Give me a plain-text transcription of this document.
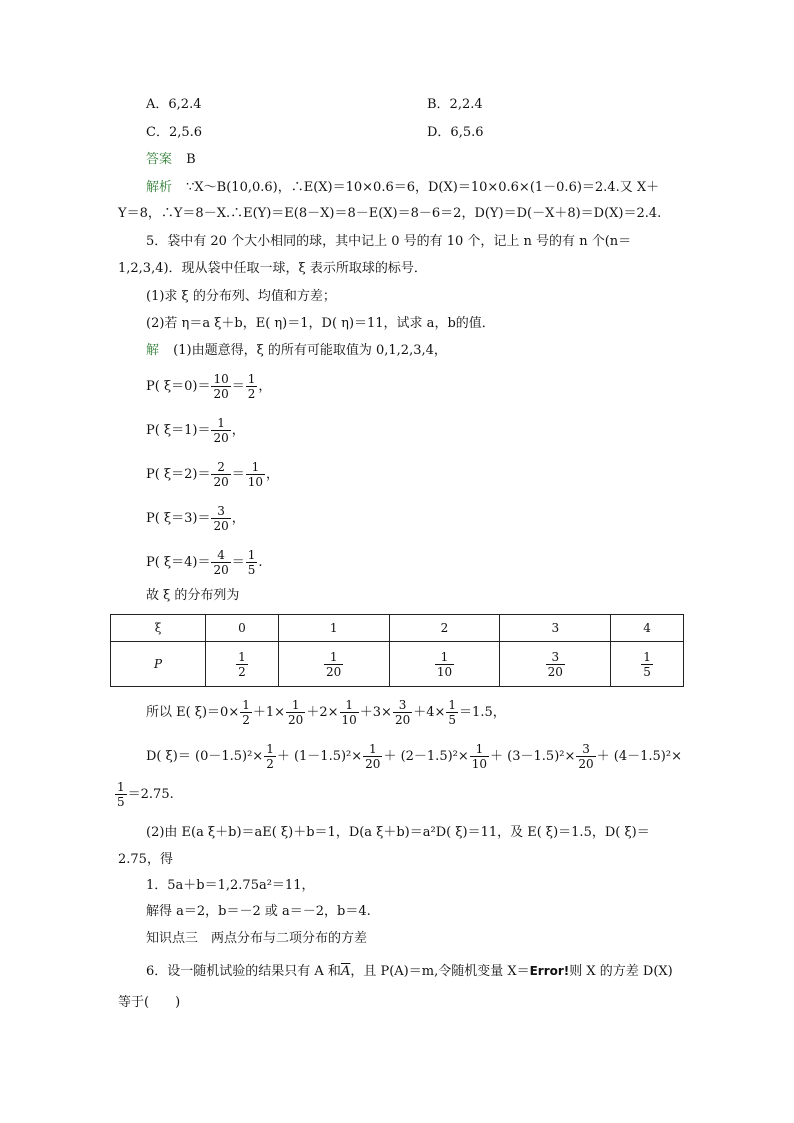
A．6,2.4	B．2,2.4
C．2,5.6	D．6,5.6
答案 B
解析 ∵X～B(10,0.6)，∴E(X)＝10×0.6＝6，D(X)＝10×0.6×(1－0.6)＝2.4.又 X＋
Y＝8，∴Y＝8－X.∴E(Y)＝E(8－X)＝8－E(X)＝8－6＝2，D(Y)＝D(－X＋8)＝D(X)＝2.4.
5．袋中有 20 个大小相同的球，其中记上 0 号的有 10 个，记上 n 号的有 n 个(n＝
1,2,3,4)．现从袋中任取一球，ξ 表示所取球的标号．
(1)求 ξ 的分布列、均值和方差；
(2)若 η＝a ξ＋b，E( η)＝1，D( η)＝11，试求 a，b的值．
解 (1)由题意得，ξ 的所有可能取值为 0,1,2,3,4，
P( $\xi=0)= \frac{10}{20} = \frac{1}{2}$ ，
P( $\xi=1)= \frac{1}{20}$ ，
P( $\xi=2)= \frac{2}{20} = \frac{1}{10}$ ，
P( $\xi=3)= \frac{3}{20}$ ，
P( $\xi=4)= \frac{4}{20} = \frac{1}{5}$ .
故 ξ 的分布列为
ξ	0	1	2	3	4
P	$\frac{1}{2}$	$\frac{1}{20}$	$\frac{1}{10}$	$\frac{3}{20}$	$\frac{1}{5}$
所以 E( $\xi)=0\times \frac{1}{2} +1\times \frac{1}{20} +2\times \frac{1}{10} +3\times \frac{3}{20} +4\times \frac{1}{5} =1.5$，
D( $\xi)= (0-1.5)^2\times \frac{1}{2} + (1-1.5)^2\times \frac{1}{20} + (2-1.5)^2\times \frac{1}{10} + (3-1.5)^2\times \frac{3}{20} + (4-1.5)^2\times$
$\frac{1}{5} =2.75$.
(2)由 E(a ξ＋b)＝aE( ξ)＋b＝1，D(a ξ＋b)＝a²D( ξ)＝11，及 E( ξ)＝1.5，D( ξ)＝
2.75，得
1．5a＋b＝1,2.75a²＝11，
解得 a＝2，b＝－2 或 a＝－2，b＝4.
知识点三　两点分布与二项分布的方差
6．设一随机试验的结果只有 A 和$\overline{A}$，且 P(A)＝m,令随机变量 X＝Error!则 X 的方差 D(X)
等于(　　)
